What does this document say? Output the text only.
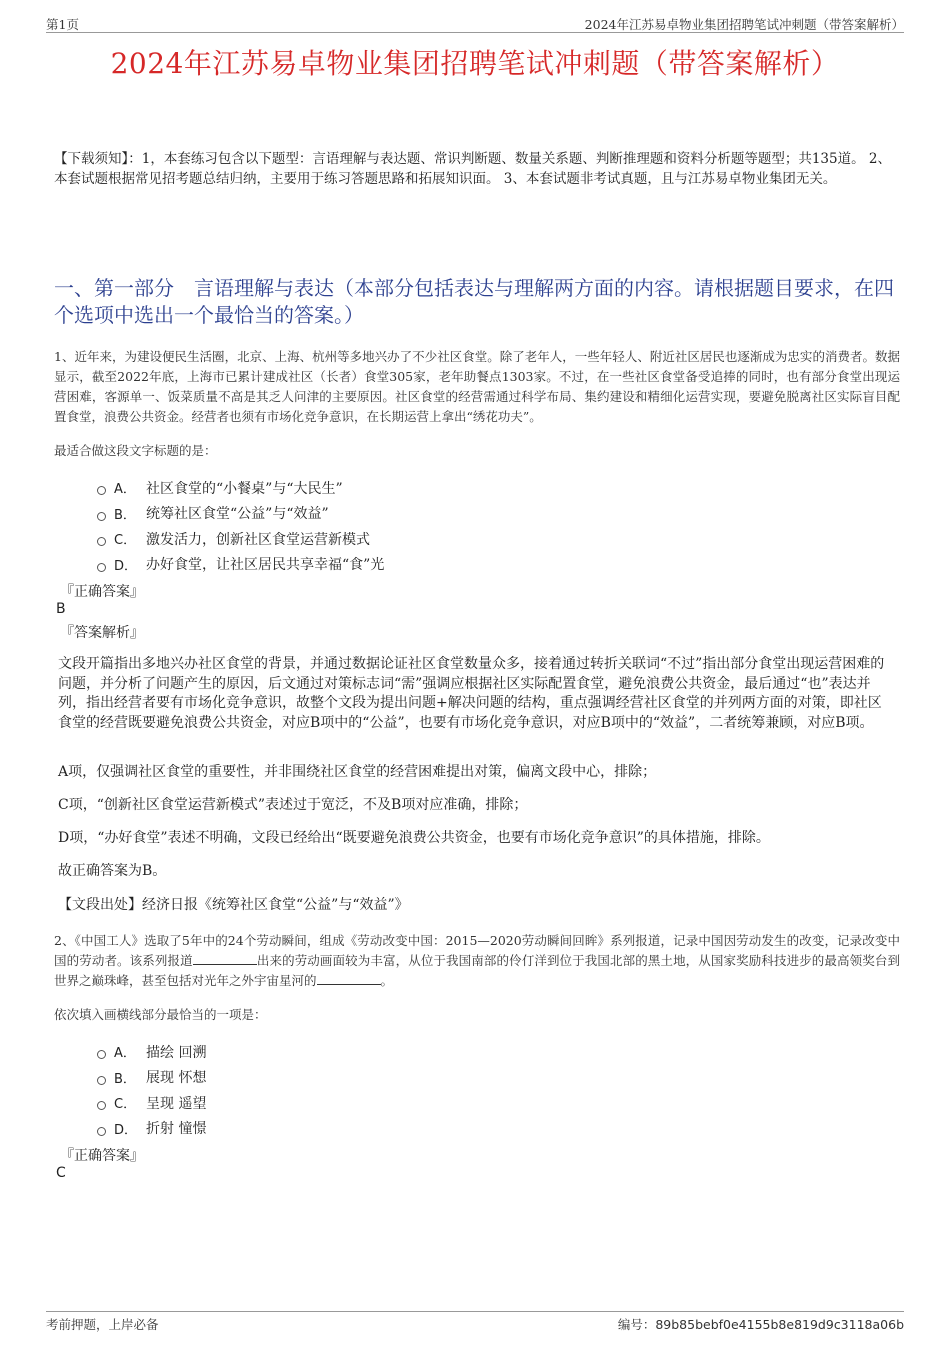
第1页	2024年江苏易卓物业集团招聘笔试冲刺题（带答案解析）
2024年江苏易卓物业集团招聘笔试冲刺题（带答案解析）
【下载须知】：1，本套练习包含以下题型：言语理解与表达题、常识判断题、数量关系题、判断推理题和资料分析题等题型；共135道。 2、本套试题根据常见招考题总结归纳，主要用于练习答题思路和拓展知识面。 3、本套试题非考试真题，且与江苏易卓物业集团无关。
一、第一部分　言语理解与表达（本部分包括表达与理解两方面的内容。请根据题目要求，在四个选项中选出一个最恰当的答案。）
1、近年来，为建设便民生活圈，北京、上海、杭州等多地兴办了不少社区食堂。除了老年人，一些年轻人、附近社区居民也逐渐成为忠实的消费者。数据显示，截至2022年底，上海市已累计建成社区（长者）食堂305家，老年助餐点1303家。不过，在一些社区食堂备受追捧的同时，也有部分食堂出现运营困难，客源单一、饭菜质量不高是其乏人问津的主要原因。社区食堂的经营需通过科学布局、集约建设和精细化运营实现，要避免脱离社区实际盲目配置食堂，浪费公共资金。经营者也须有市场化竞争意识，在长期运营上拿出“绣花功夫”。
最适合做这段文字标题的是：
A． 社区食堂的“小餐桌”与“大民生”
B． 统筹社区食堂“公益”与“效益”
C． 激发活力，创新社区食堂运营新模式
D． 办好食堂，让社区居民共享幸福“食”光
『正确答案』
B
『答案解析』
文段开篇指出多地兴办社区食堂的背景，并通过数据论证社区食堂数量众多，接着通过转折关联词“不过”指出部分食堂出现运营困难的问题，并分析了问题产生的原因，后文通过对策标志词“需”强调应根据社区实际配置食堂，避免浪费公共资金，最后通过“也”表达并列，指出经营者要有市场化竞争意识，故整个文段为提出问题+解决问题的结构，重点强调经营社区食堂的并列两方面的对策，即社区食堂的经营既要避免浪费公共资金，对应B项中的“公益”，也要有市场化竞争意识，对应B项中的“效益”，二者统筹兼顾，对应B项。
A项，仅强调社区食堂的重要性，并非围绕社区食堂的经营困难提出对策，偏离文段中心，排除；
C项，“创新社区食堂运营新模式”表述过于宽泛，不及B项对应准确，排除；
D项，“办好食堂”表述不明确，文段已经给出“既要避免浪费公共资金，也要有市场化竞争意识”的具体措施，排除。
故正确答案为B。
【文段出处】经济日报《统筹社区食堂“公益”与“效益”》
2、《中国工人》选取了5年中的24个劳动瞬间，组成《劳动改变中国：2015—2020劳动瞬间回眸》系列报道，记录中国因劳动发生的改变，记录改变中国的劳动者。该系列报道	出来的劳动画面较为丰富，从位于我国南部的伶仃洋到位于我国北部的黑土地，从国家奖励科技进步的最高领奖台到世界之巅珠峰，甚至包括对光年之外宇宙星河的	。
依次填入画横线部分最恰当的一项是：
A． 描绘 回溯
B． 展现 怀想
C． 呈现 遥望
D． 折射 憧憬
『正确答案』
C
考前押题，上岸必备	编号：89b85bebf0e4155b8e819d9c3118a06b
